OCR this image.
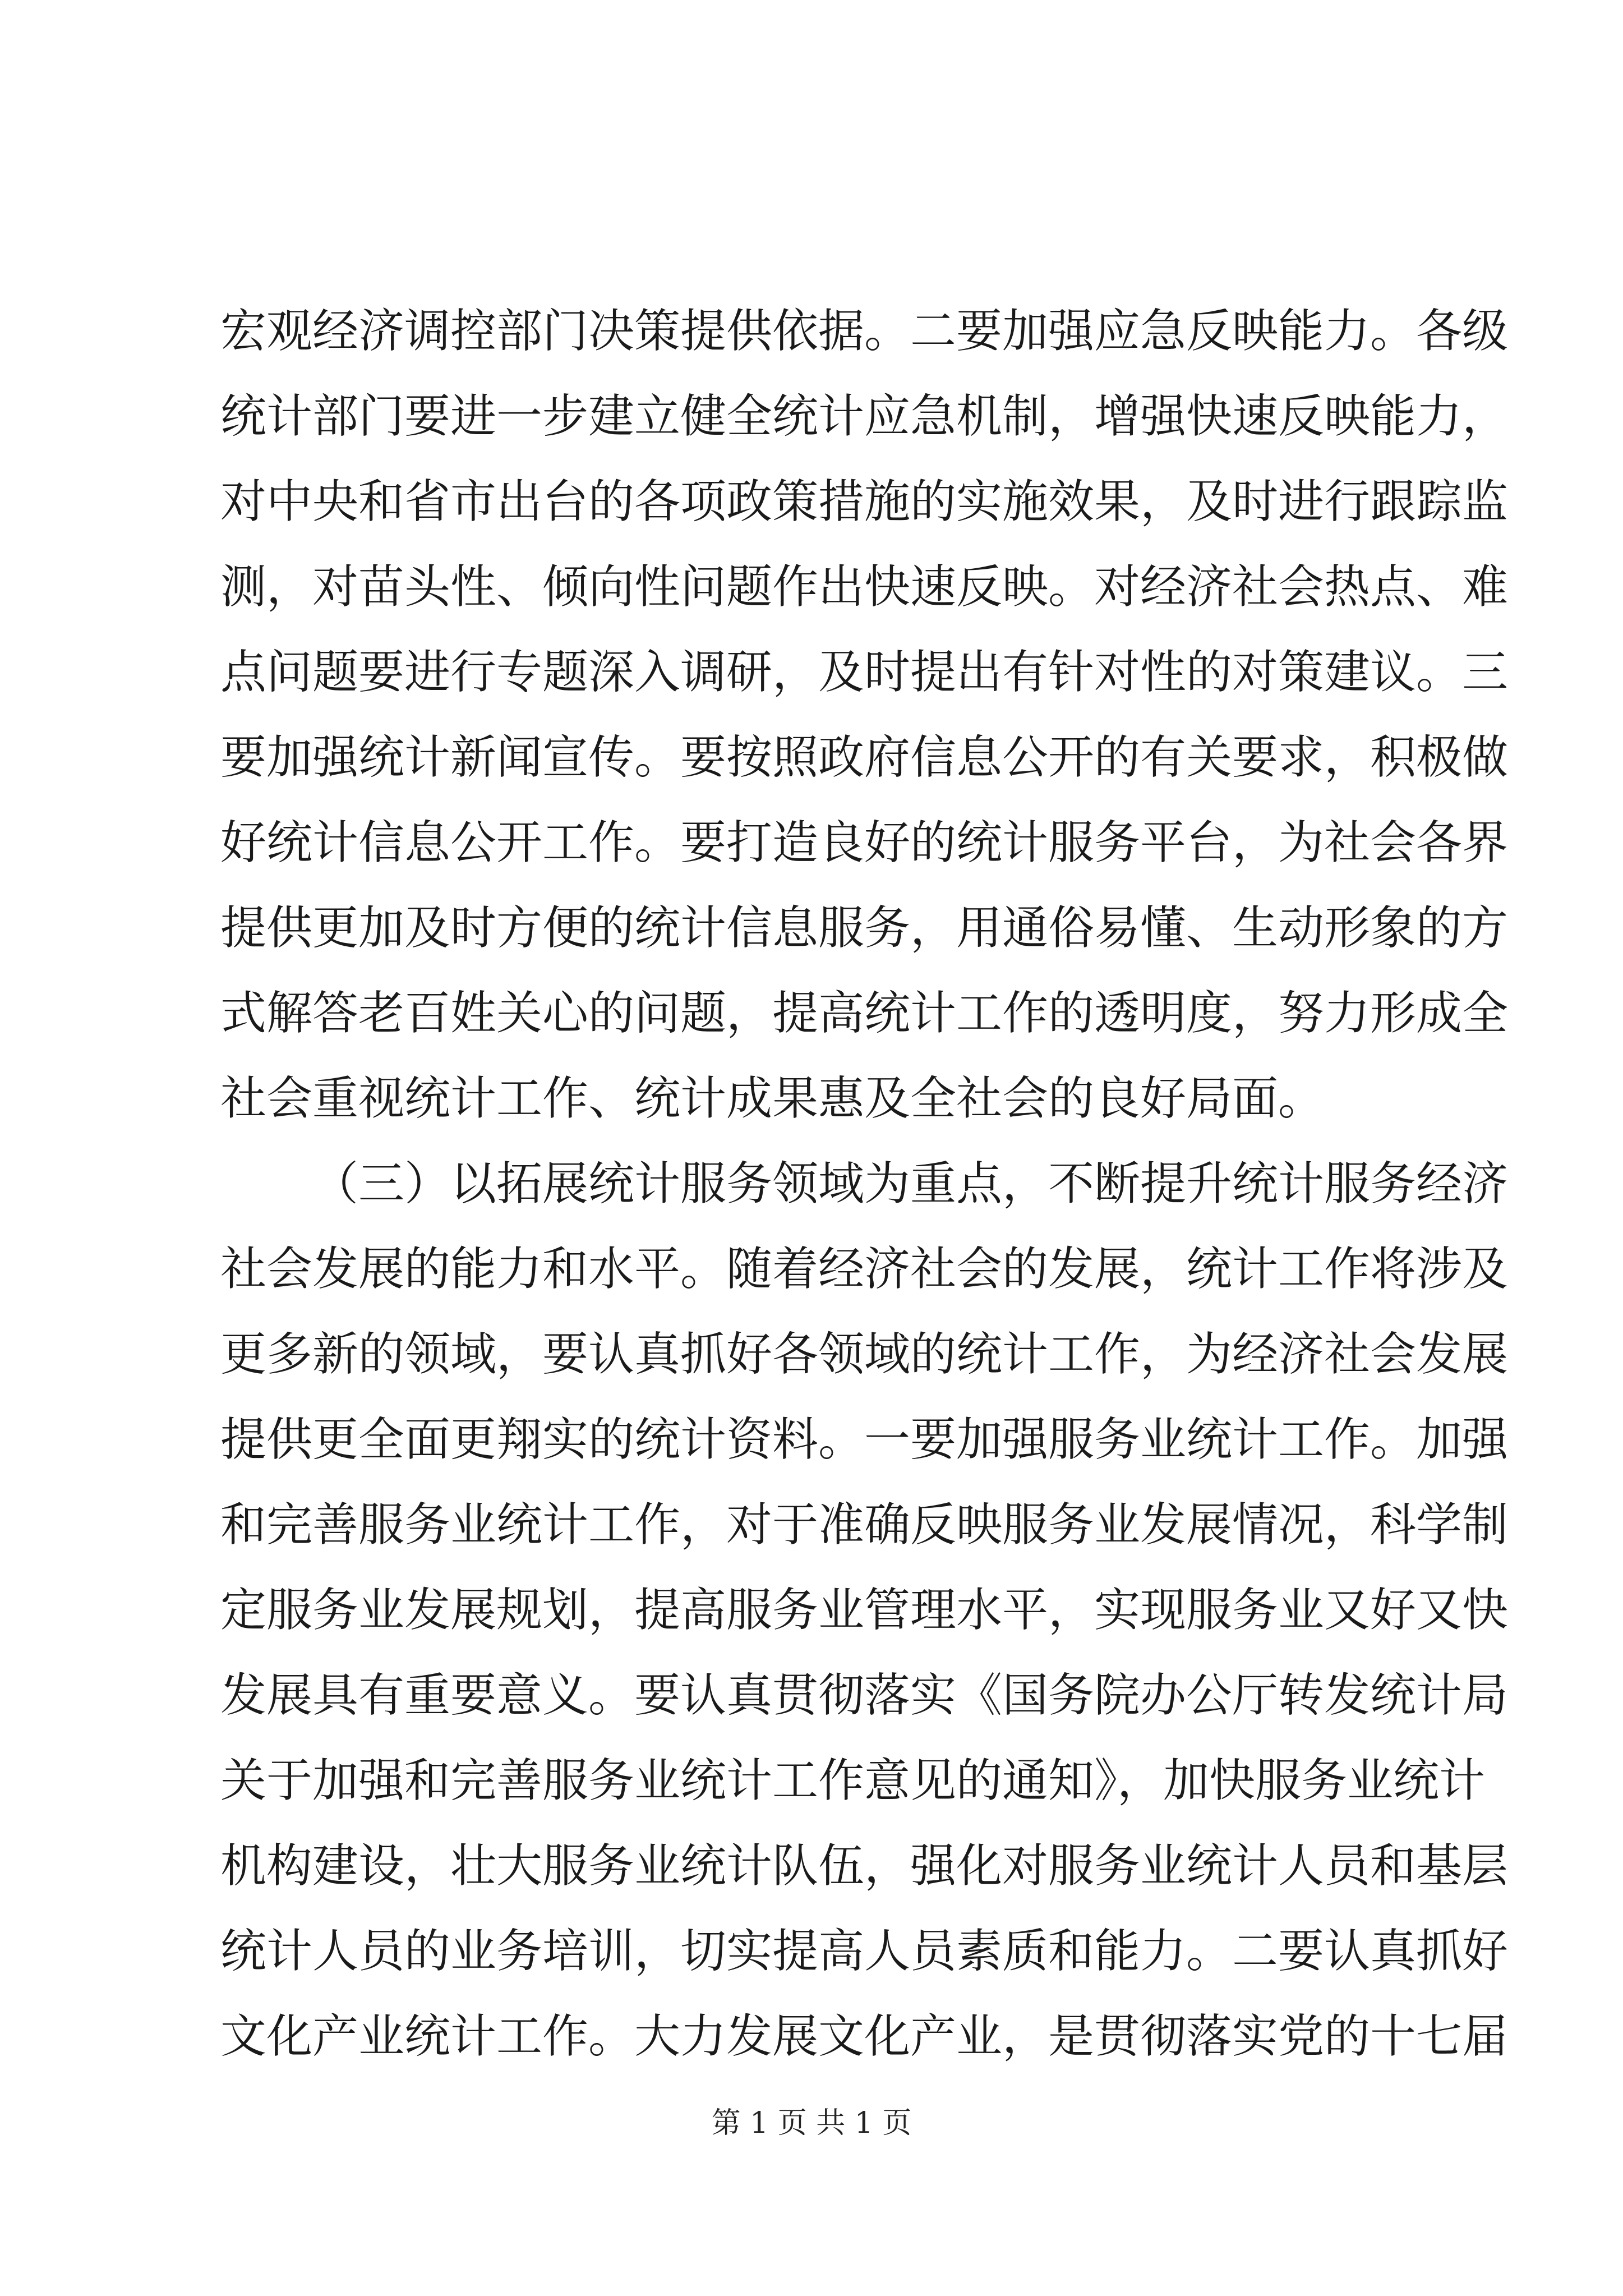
宏观经济调控部门决策提供依据。二要加强应急反映能力。各级
统计部门要进一步建立健全统计应急机制，增强快速反映能力，
对中央和省市出台的各项政策措施的实施效果，及时进行跟踪监
测，对苗头性、倾向性问题作出快速反映。对经济社会热点、难
点问题要进行专题深入调研，及时提出有针对性的对策建议。三
要加强统计新闻宣传。要按照政府信息公开的有关要求，积极做
好统计信息公开工作。要打造良好的统计服务平台，为社会各界
提供更加及时方便的统计信息服务，用通俗易懂、生动形象的方
式解答老百姓关心的问题，提高统计工作的透明度，努力形成全
社会重视统计工作、统计成果惠及全社会的良好局面。
（三）以拓展统计服务领域为重点，不断提升统计服务经济
社会发展的能力和水平。随着经济社会的发展，统计工作将涉及
更多新的领域，要认真抓好各领域的统计工作，为经济社会发展
提供更全面更翔实的统计资料。一要加强服务业统计工作。加强
和完善服务业统计工作，对于准确反映服务业发展情况，科学制
定服务业发展规划，提高服务业管理水平，实现服务业又好又快
发展具有重要意义。要认真贯彻落实《国务院办公厅转发统计局
关于加强和完善服务业统计工作意见的通知》，加快服务业统计
机构建设，壮大服务业统计队伍，强化对服务业统计人员和基层
统计人员的业务培训，切实提高人员素质和能力。二要认真抓好
文化产业统计工作。大力发展文化产业，是贯彻落实党的十七届
第 1 页 共 1 页
